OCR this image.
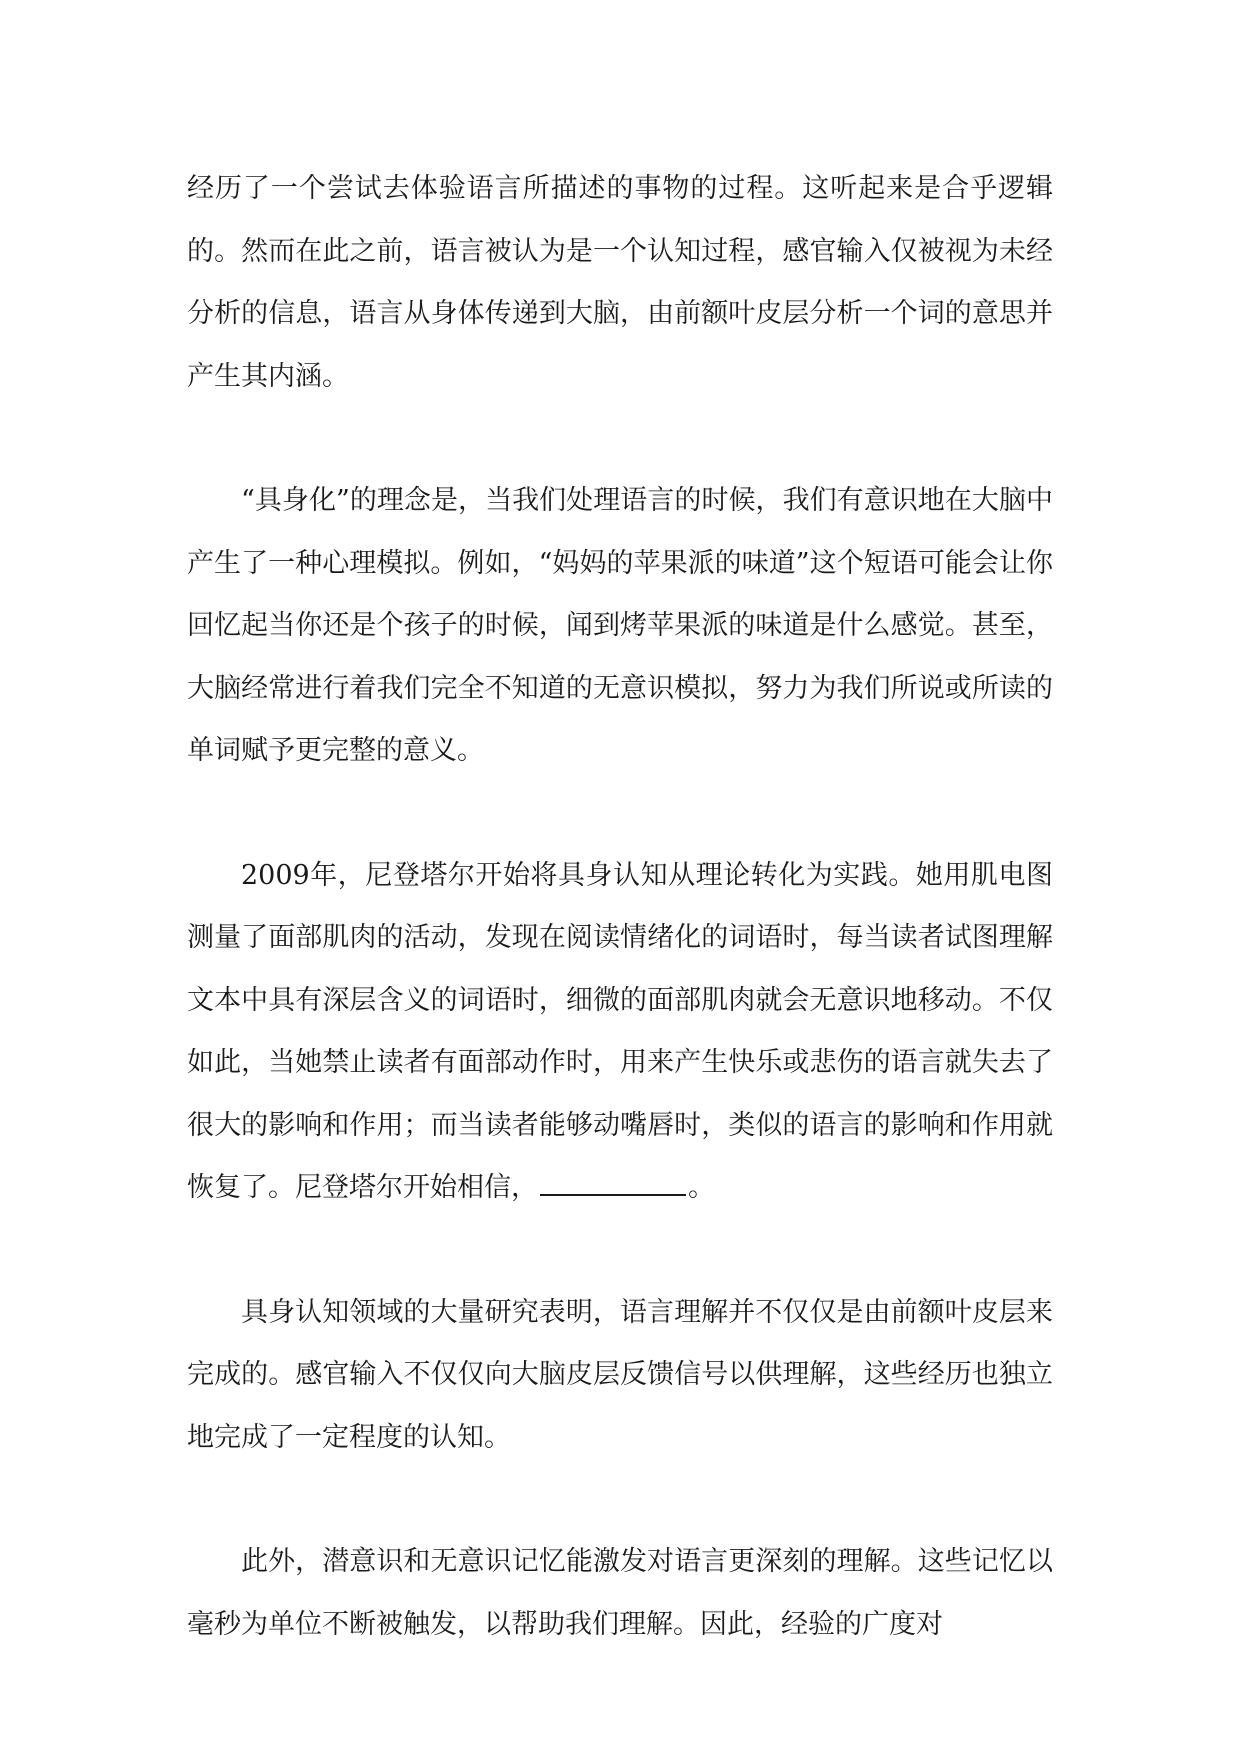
经历了一个尝试去体验语言所描述的事物的过程。这听起来是合乎逻辑的。然而在此之前，语言被认为是一个认知过程，感官输入仅被视为未经分析的信息，语言从身体传递到大脑，由前额叶皮层分析一个词的意思并产生其内涵。

“具身化”的理念是，当我们处理语言的时候，我们有意识地在大脑中产生了一种心理模拟。例如，“妈妈的苹果派的味道”这个短语可能会让你回忆起当你还是个孩子的时候，闻到烤苹果派的味道是什么感觉。甚至，大脑经常进行着我们完全不知道的无意识模拟，努力为我们所说或所读的单词赋予更完整的意义。

2009年，尼登塔尔开始将具身认知从理论转化为实践。她用肌电图测量了面部肌肉的活动，发现在阅读情绪化的词语时，每当读者试图理解文本中具有深层含义的词语时，细微的面部肌肉就会无意识地移动。不仅如此，当她禁止读者有面部动作时，用来产生快乐或悲伤的语言就失去了很大的影响和作用；而当读者能够动嘴唇时，类似的语言的影响和作用就恢复了。尼登塔尔开始相信，	。

具身认知领域的大量研究表明，语言理解并不仅仅是由前额叶皮层来完成的。感官输入不仅仅向大脑皮层反馈信号以供理解，这些经历也独立地完成了一定程度的认知。

此外，潜意识和无意识记忆能激发对语言更深刻的理解。这些记忆以毫秒为单位不断被触发，以帮助我们理解。因此，经验的广度对
